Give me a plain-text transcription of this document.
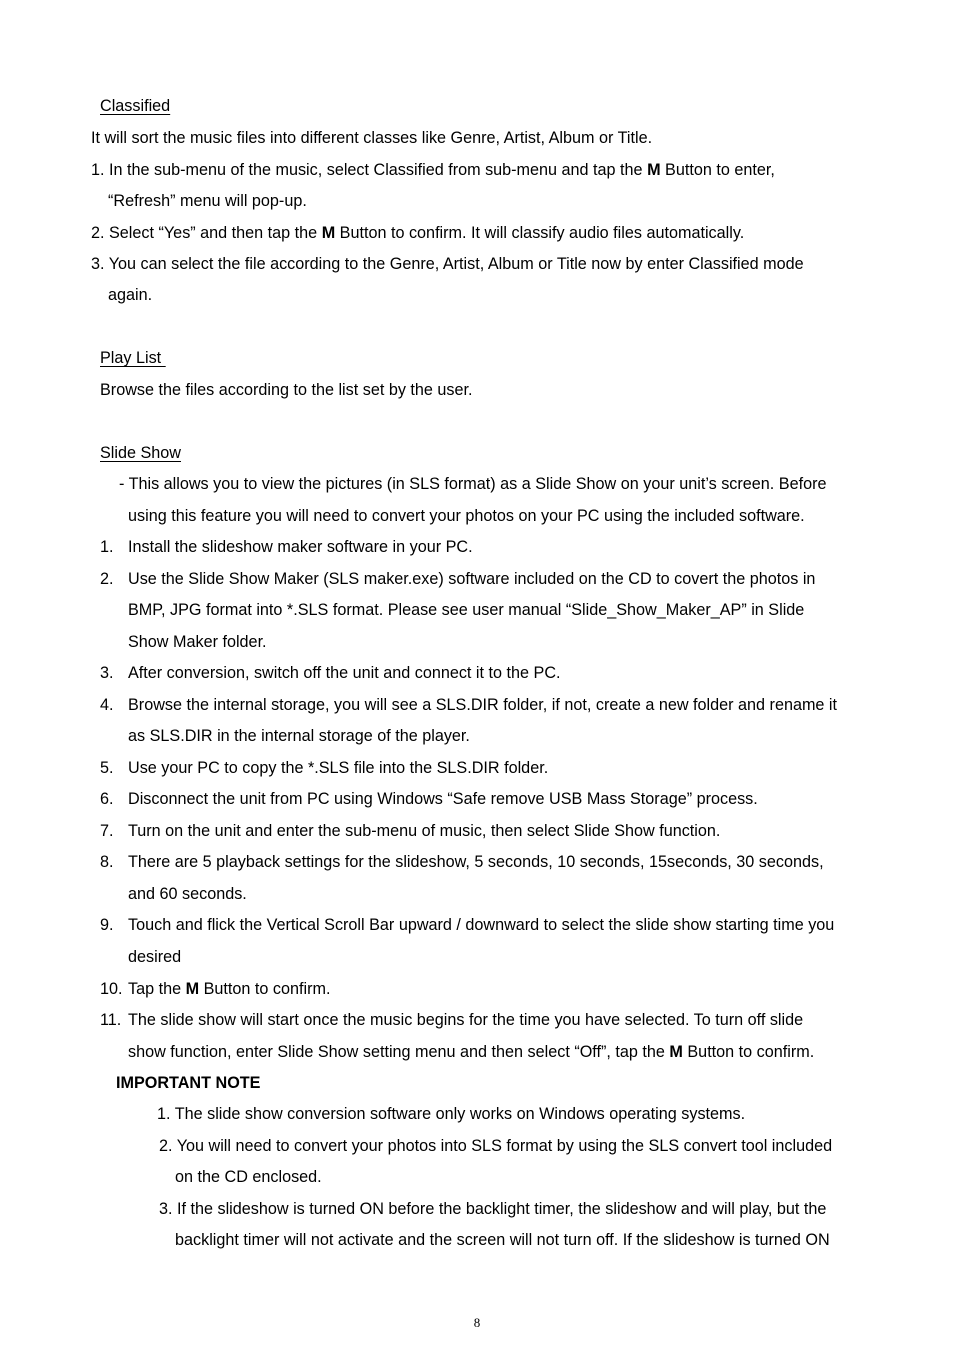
Classified
It will sort the music files into different classes like Genre, Artist, Album or Title.
1. In the sub-menu of the music, select Classified from sub-menu and tap the M Button to enter,
“Refresh” menu will pop-up.
2. Select “Yes” and then tap the M Button to confirm. It will classify audio files automatically.
3. You can select the file according to the Genre, Artist, Album or Title now by enter Classified mode
again.
Play List
Browse the files according to the list set by the user.
Slide Show
- This allows you to view the pictures (in SLS format) as a Slide Show on your unit’s screen. Before
using this feature you will need to convert your photos on your PC using the included software.
1. Install the slideshow maker software in your PC.
2. Use the Slide Show Maker (SLS maker.exe) software included on the CD to covert the photos in
BMP, JPG format into *.SLS format. Please see user manual “Slide_Show_Maker_AP” in Slide
Show Maker folder.
3. After conversion, switch off the unit and connect it to the PC.
4. Browse the internal storage, you will see a SLS.DIR folder, if not, create a new folder and rename it
as SLS.DIR in the internal storage of the player.
5. Use your PC to copy the *.SLS file into the SLS.DIR folder.
6. Disconnect the unit from PC using Windows “Safe remove USB Mass Storage” process.
7. Turn on the unit and enter the sub-menu of music, then select Slide Show function.
8. There are 5 playback settings for the slideshow, 5 seconds, 10 seconds, 15seconds, 30 seconds,
and 60 seconds.
9. Touch and flick the Vertical Scroll Bar upward / downward to select the slide show starting time you
desired
10. Tap the M Button to confirm.
11. The slide show will start once the music begins for the time you have selected. To turn off slide
show function, enter Slide Show setting menu and then select “Off”, tap the M Button to confirm.
IMPORTANT NOTE
1. The slide show conversion software only works on Windows operating systems.
2. You will need to convert your photos into SLS format by using the SLS convert tool included
on the CD enclosed.
3. If the slideshow is turned ON before the backlight timer, the slideshow and will play, but the
backlight timer will not activate and the screen will not turn off. If the slideshow is turned ON
8
